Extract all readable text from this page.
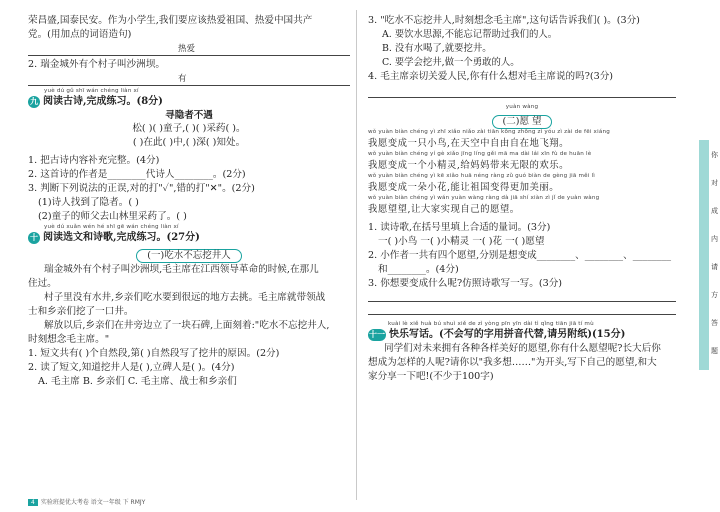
荣昌盛,国泰民安。作为小学生,我们要应该热爱祖国、热爱中国共产
党。(用加点的词语造句)
热爱
2. 瑞金城外有个村子叫沙洲坝。
有
yuè dú gǔ shī wán chéng liàn xí
九 阅读古诗,完成练习。(8分)
寻隐者不遇
松( )( )童子,( )( )采药( )。
( )在此( )中,( )深( )知处。
1. 把古诗内容补充完整。(4分)
2. 这首诗的作者是________代诗人________。(2分)
3. 判断下列说法的正误,对的打"✓",错的打"✕"。(2分)
(1)诗人找到了隐者。( )
(2)童子的师父去山林里采药了。( )
yuè dú xuǎn wén hé shī gē wán chéng liàn xí
十 阅读选文和诗歌,完成练习。(27分)
(一)吃水不忘挖井人
瑞金城外有个村子叫沙洲坝,毛主席在江西领导革命的时候,在那儿
住过。
村子里没有水井,乡亲们吃水要到很远的地方去挑。毛主席就带领战
士和乡亲们挖了一口井。
解放以后,乡亲们在井旁边立了一块石碑,上面刻着:"吃水不忘挖井人,
时刻想念毛主席。"
1. 短文共有( )个自然段,第( )自然段写了挖井的原因。(2分)
2. 读了短文,知道挖井人是( ),立碑人是( )。(4分)
A. 毛主席 B. 乡亲们 C. 毛主席、战士和乡亲们
3. "吃水不忘挖井人,时刻想念毛主席",这句话告诉我们( )。(3分)
A. 要饮水思源,不能忘记帮助过我们的人。
B. 没有水喝了,就要挖井。
C. 要学会挖井,做一个勇敢的人。
4. 毛主席亲切关爱人民,你有什么想对毛主席说的吗?(3分)
yuàn wàng
(二)愿 望
wǒ yuàn biàn chéng yì zhī xiǎo niǎo zài tiān kōng zhōng zì yóu zì zài de fēi xiáng
我愿变成一只小鸟,在天空中自由自在地飞翔。
wǒ yuàn biàn chéng yí gè xiǎo jīng líng gěi mā ma dài lái xīn fù de huān lè
我愿变成一个小精灵,给妈妈带来无限的欢乐。
wǒ yuàn biàn chéng yì kē xiǎo huā néng ràng zǔ guó biàn de gèng jiā měi lì
我愿变成一朵小花,能让祖国变得更加美丽。
wǒ yuàn biàn chéng yì wán yuàn wàng ràng dà jiā shí xiàn zì jǐ de yuàn wàng
我愿望望,让大家实现自己的愿望。
1. 读诗歌,在括号里填上合适的量词。(3分)
一( )小鸟 一( )小精灵 一( )花 一( )愿望
2. 小作者一共有四个愿望,分别是想变成________、________、________
和________。(4分)
3. 你想要变成什么呢?仿照诗歌写一写。(3分)
kuài lè xiě huà bú shuì xiě de zì yòng pīn yīn dài tì qǐng tiān jiā tí mù
十一 快乐写话。(不会写的字用拼音代替,请另附纸)(15分)
同学们对未来拥有各种各样美好的愿望,你有什么愿望呢?长大后你
想成为怎样的人呢?请你以"我多想……"为开头,写下自己的愿望,和大
家分享一下吧!(不少于100字)
你
对
成
内
请
方
答
题
4 实验班提优大考卷 语文一年级 下 RMJY
